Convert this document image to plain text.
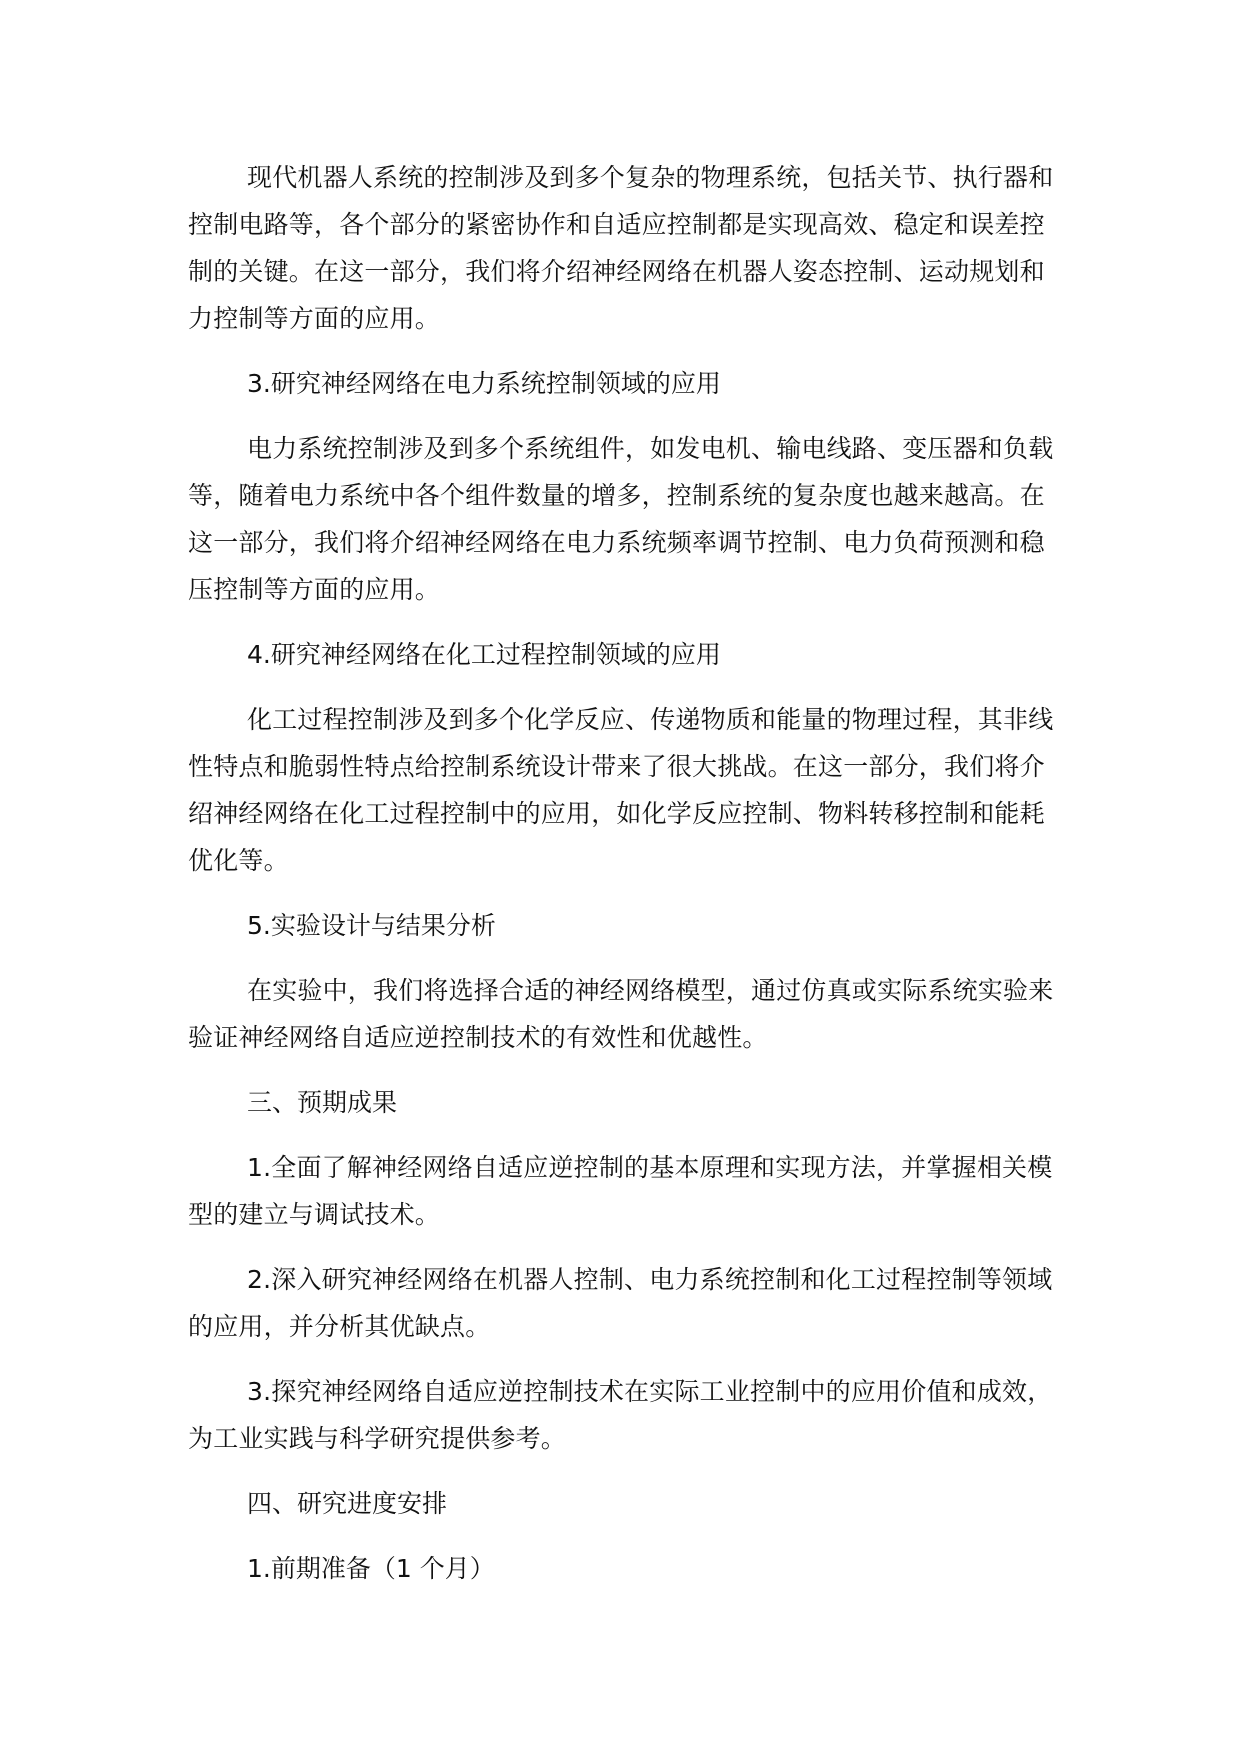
现代机器人系统的控制涉及到多个复杂的物理系统，包括关节、执行器和控制电路等，各个部分的紧密协作和自适应控制都是实现高效、稳定和误差控制的关键。在这一部分，我们将介绍神经网络在机器人姿态控制、运动规划和力控制等方面的应用。

3.研究神经网络在电力系统控制领域的应用

电力系统控制涉及到多个系统组件，如发电机、输电线路、变压器和负载等，随着电力系统中各个组件数量的增多，控制系统的复杂度也越来越高。在这一部分，我们将介绍神经网络在电力系统频率调节控制、电力负荷预测和稳压控制等方面的应用。

4.研究神经网络在化工过程控制领域的应用

化工过程控制涉及到多个化学反应、传递物质和能量的物理过程，其非线性特点和脆弱性特点给控制系统设计带来了很大挑战。在这一部分，我们将介绍神经网络在化工过程控制中的应用，如化学反应控制、物料转移控制和能耗优化等。

5.实验设计与结果分析

在实验中，我们将选择合适的神经网络模型，通过仿真或实际系统实验来验证神经网络自适应逆控制技术的有效性和优越性。

三、预期成果

1.全面了解神经网络自适应逆控制的基本原理和实现方法，并掌握相关模型的建立与调试技术。

2.深入研究神经网络在机器人控制、电力系统控制和化工过程控制等领域的应用，并分析其优缺点。

3.探究神经网络自适应逆控制技术在实际工业控制中的应用价值和成效，为工业实践与科学研究提供参考。

四、研究进度安排

1.前期准备（1 个月）
